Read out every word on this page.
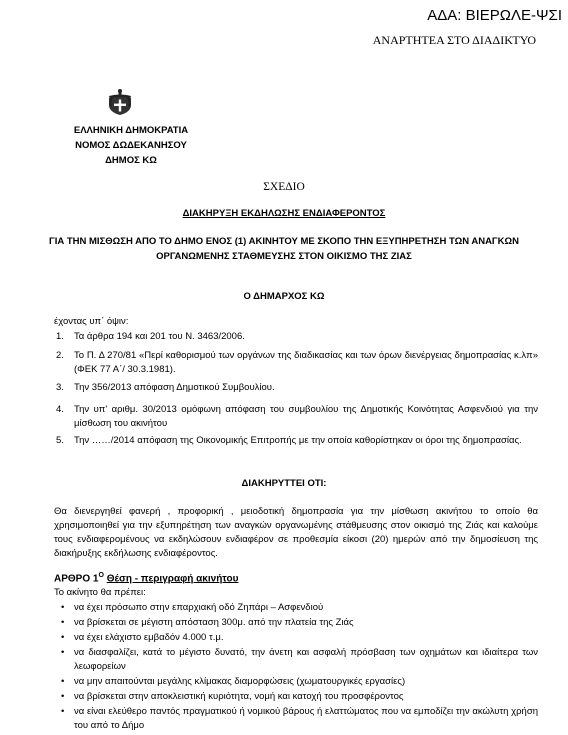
ΑΔΑ: ΒΙΕΡΩΛΕ-ΨΣΙ
ΑΝΑΡΤΗΤΕΑ ΣΤΟ ΔΙΑΔΙΚΤΥΟ
ΕΛΛΗΝΙΚΗ ΔΗΜΟΚΡΑΤΙΑ
ΝΟΜΟΣ ΔΩΔΕΚΑΝΗΣΟΥ
ΔΗΜΟΣ ΚΩ
ΣΧΕΔΙΟ
ΔΙΑΚΗΡΥΞΗ ΕΚΔΗΛΩΣΗΣ ΕΝΔΙΑΦΕΡΟΝΤΟΣ
ΓΙΑ ΤΗΝ ΜΙΣΘΩΣΗ ΑΠΟ ΤΟ ΔΗΜΟ ΕΝΟΣ (1) ΑΚΙΝΗΤΟΥ ΜΕ ΣΚΟΠΟ ΤΗΝ ΕΞΥΠΗΡΕΤΗΣΗ ΤΩΝ ΑΝΑΓΚΩΝ ΟΡΓΑΝΩΜΕΝΗΣ ΣΤΑΘΜΕΥΣΗΣ ΣΤΟΝ ΟΙΚΙΣΜΟ ΤΗΣ ΖΙΑΣ
Ο ΔΗΜΑΡΧΟΣ ΚΩ
έχοντας υπ΄ όψιν:
1.	Τα άρθρα 194 και 201 του Ν. 3463/2006.
2.	Το Π. Δ 270/81 «Περί καθορισμού των οργάνων της διαδικασίας και των όρων διενέργειας δημοπρασίας κ.λπ» (ΦΕΚ 77 Α΄/ 30.3.1981).
3.	Την 356/2013 απόφαση Δημοτικού Συμβουλίου.
4.	Την υπ' αριθμ. 30/2013 ομόφωνη απόφαση του συμβουλίου της Δημοτικής Κοινότητας Ασφενδιού για την μίσθωση του ακινήτου
5.	Την ……/2014 απόφαση της Οικονομικής Επιτροπής με την οποία καθορίστηκαν οι όροι της δημοπρασίας.
ΔΙΑΚΗΡΥΤΤΕΙ ΟΤΙ:
Θα διενεργηθεί φανερή , προφορική , μειοδοτική δημοπρασία για την μίσθωση ακινήτου το οποίο θα χρησιμοποιηθεί για την εξυπηρέτηση των αναγκών οργανωμένης στάθμευσης στον οικισμό της Ζιάς και καλούμε τους ενδιαφερομένους να εκδηλώσουν ενδιαφέρον σε προθεσμία είκοσι (20) ημερών από την δημοσίευση της διακήρυξης εκδήλωσης ενδιαφέροντος.
ΑΡΘΡΟ $1^O$ Θέση - περιγραφή ακινήτου
Το ακίνητο θα πρέπει:
• να έχει πρόσωπο στην επαρχιακή οδό Ζηπάρι – Ασφενδιού
• να βρίσκεται σε μέγιστη απόσταση 300μ. από την πλατεία της Ζιάς
• να έχει ελάχιστο εμβαδόν 4.000 τ.μ.
• να διασφαλίζει, κατά το μέγιστο δυνατό, την άνετη και ασφαλή πρόσβαση των οχημάτων και ιδιαίτερα των λεωφορείων
• να μην απαιτούνται μεγάλης κλίμακας διαμορφώσεις (χωματουργικές εργασίες)
• να βρίσκεται στην αποκλειστική κυριότητα, νομή και κατοχή του προσφέροντος
• να είναι ελεύθερο παντός πραγματικού ή νομικού βάρους ή ελαττώματος που να εμποδίζει την ακώλυτη χρήση του από το Δήμο
